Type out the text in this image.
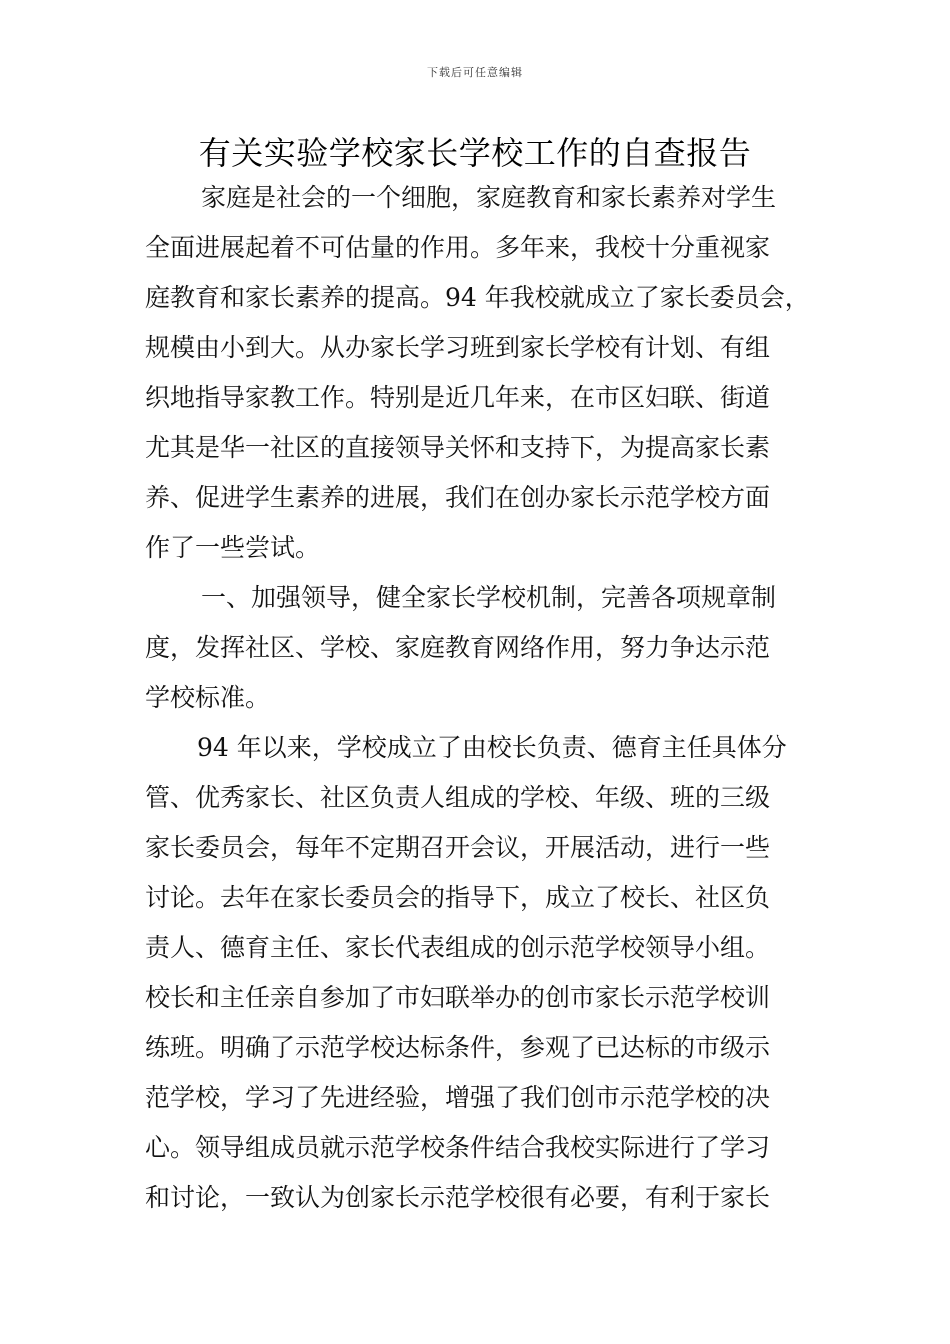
下载后可任意编辑
有关实验学校家长学校工作的自查报告
家庭是社会的一个细胞，家庭教育和家长素养对学生
全面进展起着不可估量的作用。多年来，我校十分重视家
庭教育和家长素养的提高。94 年我校就成立了家长委员会，
规模由小到大。从办家长学习班到家长学校有计划、有组
织地指导家教工作。特别是近几年来，在市区妇联、街道
尤其是华一社区的直接领导关怀和支持下，为提高家长素
养、促进学生素养的进展，我们在创办家长示范学校方面
作了一些尝试。
一、加强领导，健全家长学校机制，完善各项规章制
度，发挥社区、学校、家庭教育网络作用，努力争达示范
学校标准。
94 年以来，学校成立了由校长负责、德育主任具体分
管、优秀家长、社区负责人组成的学校、年级、班的三级
家长委员会，每年不定期召开会议，开展活动，进行一些
讨论。去年在家长委员会的指导下，成立了校长、社区负
责人、德育主任、家长代表组成的创示范学校领导小组。
校长和主任亲自参加了市妇联举办的创市家长示范学校训
练班。明确了示范学校达标条件，参观了已达标的市级示
范学校，学习了先进经验，增强了我们创市示范学校的决
心。领导组成员就示范学校条件结合我校实际进行了学习
和讨论，一致认为创家长示范学校很有必要，有利于家长
